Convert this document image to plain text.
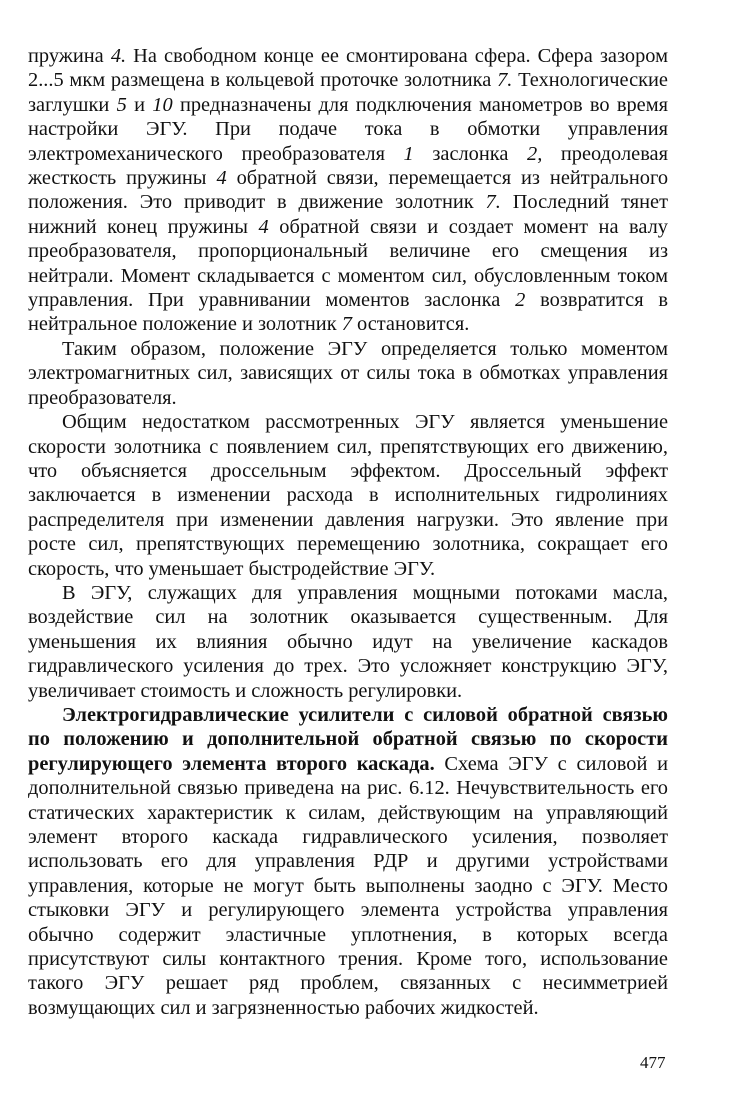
пружина 4. На свободном конце ее смонтирована сфера. Сфера зазором 2...5 мкм размещена в кольцевой проточке золотника 7. Технологические заглушки 5 и 10 предназначены для подключения манометров во время настройки ЭГУ. При подаче тока в обмотки управления электромеханического преобразователя 1 заслонка 2, преодолевая жесткость пружины 4 обратной связи, перемещается из нейтрального положения. Это приводит в движение золотник 7. Последний тянет нижний конец пружины 4 обратной связи и создает момент на валу преобразователя, пропорциональный величине его смещения из нейтрали. Момент складывается с моментом сил, обусловленным током управления. При уравнивании моментов заслонка 2 возвратится в нейтральное положение и золотник 7 остановится.

Таким образом, положение ЭГУ определяется только моментом электромагнитных сил, зависящих от силы тока в обмотках управления преобразователя.

Общим недостатком рассмотренных ЭГУ является уменьшение скорости золотника с появлением сил, препятствующих его движению, что объясняется дроссельным эффектом. Дроссельный эффект заключается в изменении расхода в исполнительных гидролиниях распределителя при изменении давления нагрузки. Это явление при росте сил, препятствующих перемещению золотника, сокращает его скорость, что уменьшает быстродействие ЭГУ.

В ЭГУ, служащих для управления мощными потоками масла, воздействие сил на золотник оказывается существенным. Для уменьшения их влияния обычно идут на увеличение каскадов гидравлического усиления до трех. Это усложняет конструкцию ЭГУ, увеличивает стоимость и сложность регулировки.

Электрогидравлические усилители с силовой обратной связью по положению и дополнительной обратной связью по скорости регулирующего элемента второго каскада. Схема ЭГУ с силовой и дополнительной связью приведена на рис. 6.12. Нечувствительность его статических характеристик к силам, действующим на управляющий элемент второго каскада гидравлического усиления, позволяет использовать его для управления РДР и другими устройствами управления, которые не могут быть выполнены заодно с ЭГУ. Место стыковки ЭГУ и регулирующего элемента устройства управления обычно содержит эластичные уплотнения, в которых всегда присутствуют силы контактного трения. Кроме того, использование такого ЭГУ решает ряд проблем, связанных с несимметрией возмущающих сил и загрязненностью рабочих жидкостей.

477
